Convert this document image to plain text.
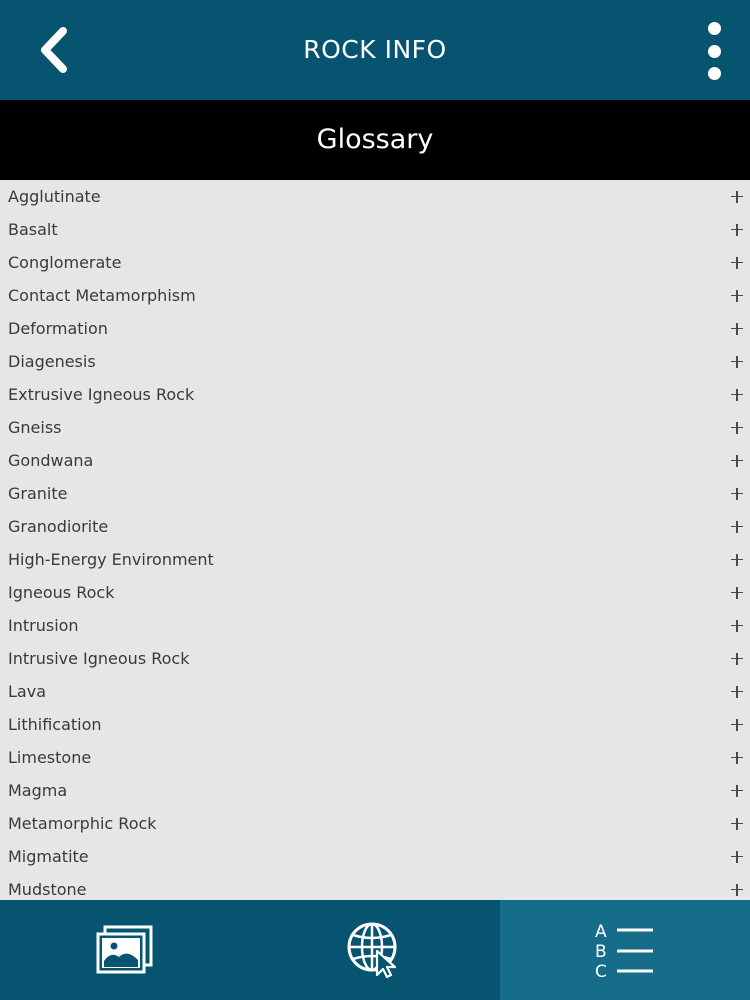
ROCK INFO
Glossary
Agglutinate
Basalt
Conglomerate
Contact Metamorphism
Deformation
Diagenesis
Extrusive Igneous Rock
Gneiss
Gondwana
Granite
Granodiorite
High-Energy Environment
Igneous Rock
Intrusion
Intrusive Igneous Rock
Lava
Lithification
Limestone
Magma
Metamorphic Rock
Migmatite
Mudstone
A
B
C
